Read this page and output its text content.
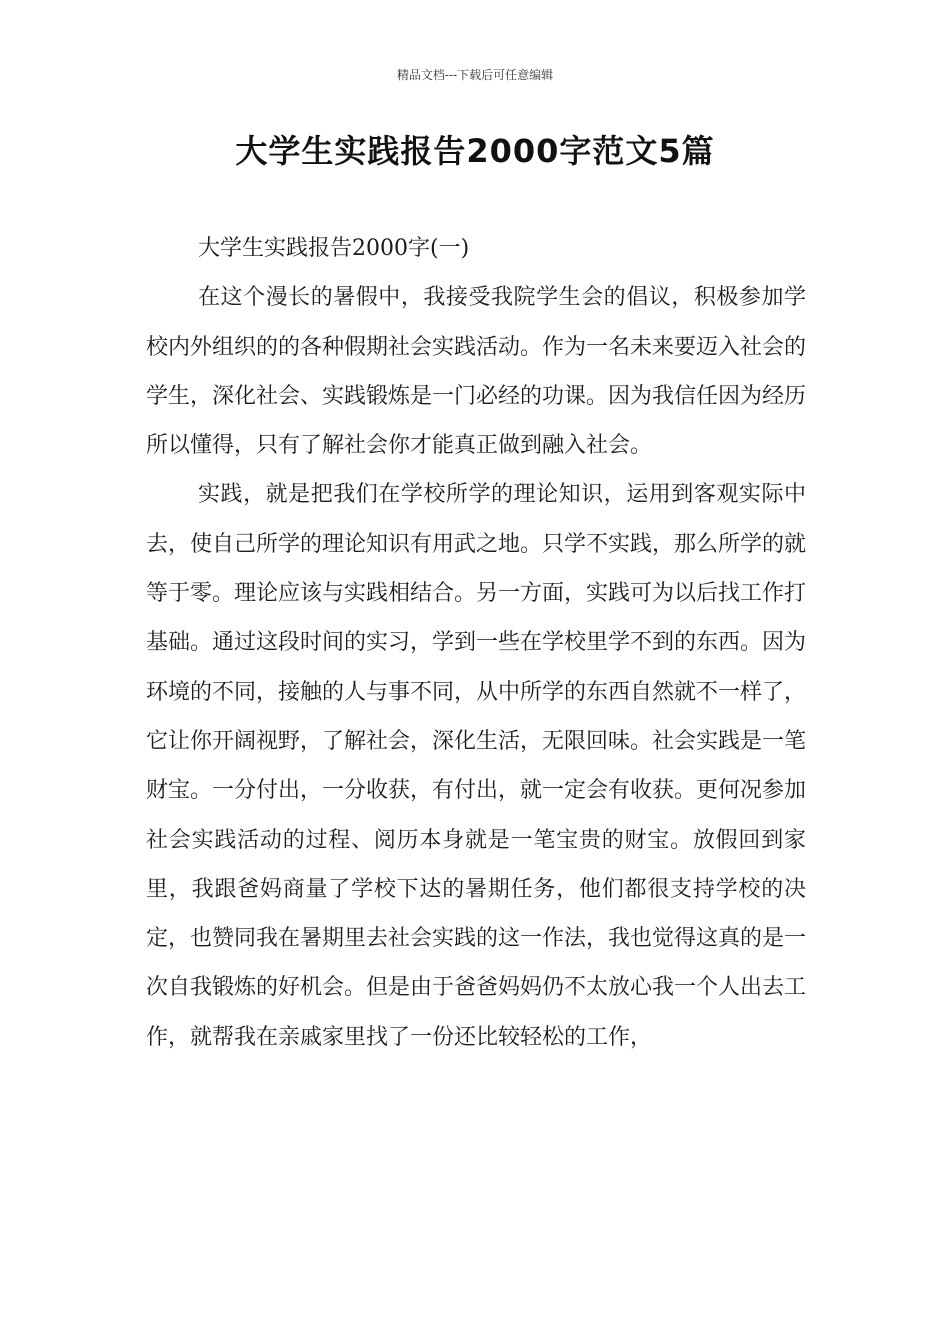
精品文档---下载后可任意编辑
大学生实践报告2000字范文5篇

大学生实践报告2000字(一)

在这个漫长的暑假中，我接受我院学生会的倡议，积极参加学校内外组织的的各种假期社会实践活动。作为一名未来要迈入社会的学生，深化社会、实践锻炼是一门必经的功课。因为我信任因为经历所以懂得，只有了解社会你才能真正做到融入社会。

实践，就是把我们在学校所学的理论知识，运用到客观实际中去，使自己所学的理论知识有用武之地。只学不实践，那么所学的就等于零。理论应该与实践相结合。另一方面，实践可为以后找工作打基础。通过这段时间的实习，学到一些在学校里学不到的东西。因为环境的不同，接触的人与事不同，从中所学的东西自然就不一样了，它让你开阔视野，了解社会，深化生活，无限回味。社会实践是一笔财宝。一分付出，一分收获，有付出，就一定会有收获。更何况参加社会实践活动的过程、阅历本身就是一笔宝贵的财宝。放假回到家里，我跟爸妈商量了学校下达的暑期任务，他们都很支持学校的决定，也赞同我在暑期里去社会实践的这一作法，我也觉得这真的是一次自我锻炼的好机会。但是由于爸爸妈妈仍不太放心我一个人出去工作，就帮我在亲戚家里找了一份还比较轻松的工作，
